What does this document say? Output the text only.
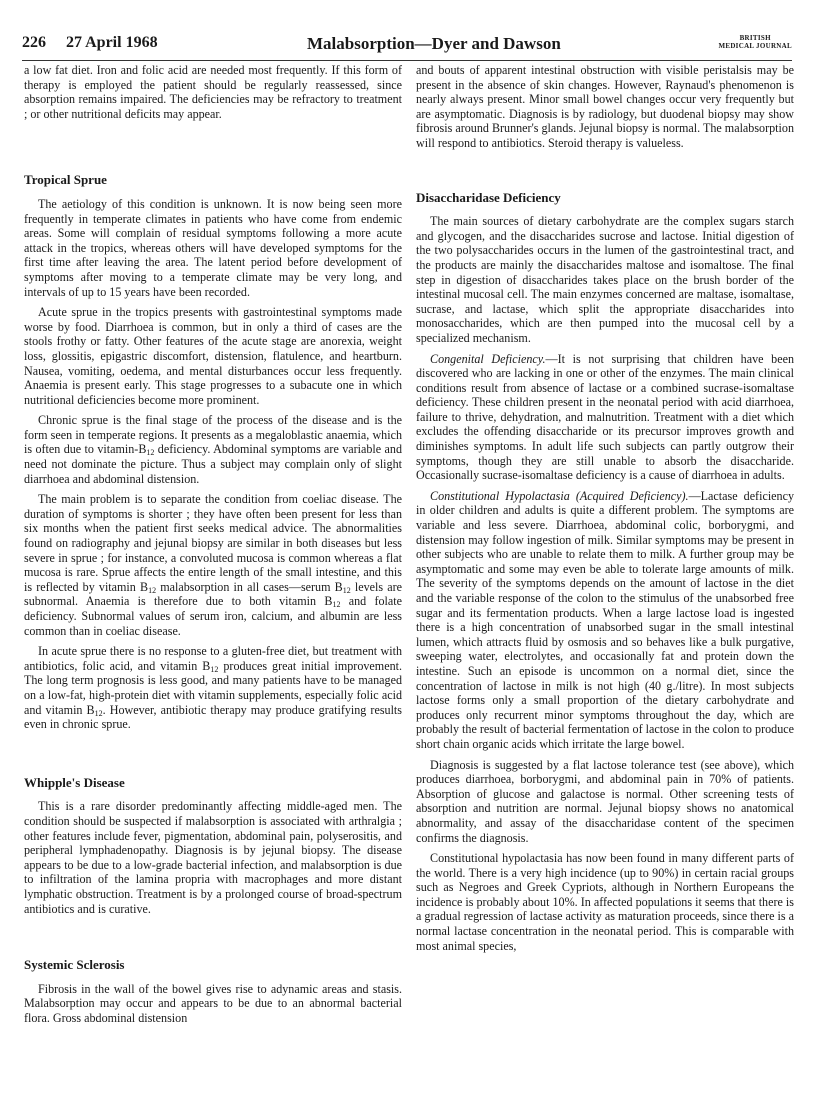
226 27 April 1968	Malabsorption—Dyer and Dawson	BRITISH
MEDICAL JOURNAL

a low fat diet. Iron and folic acid are needed most frequently. If this form of therapy is employed the patient should be regularly reassessed, since absorption remains impaired. The deficiencies may be refractory to treatment ; or other nutritional deficits may appear.

Tropical Sprue

The aetiology of this condition is unknown. It is now being seen more frequently in temperate climates in patients who have come from endemic areas. Some will complain of residual symptoms following a more acute attack in the tropics, whereas others will have developed symptoms for the first time after leaving the area. The latent period before development of symptoms after moving to a temperate climate may be very long, and intervals of up to 15 years have been recorded.

Acute sprue in the tropics presents with gastrointestinal symptoms made worse by food. Diarrhoea is common, but in only a third of cases are the stools frothy or fatty. Other features of the acute stage are anorexia, weight loss, glossitis, epigastric discomfort, distension, flatulence, and heartburn. Nausea, vomiting, oedema, and mental disturbances occur less frequently. Anaemia is present early. This stage progresses to a subacute one in which nutritional deficiencies become more prominent.

Chronic sprue is the final stage of the process of the disease and is the form seen in temperate regions. It presents as a megaloblastic anaemia, which is often due to vitamin-$B_{12}$ deficiency. Abdominal symptoms are variable and need not dominate the picture. Thus a subject may complain only of slight diarrhoea and abdominal distension.

The main problem is to separate the condition from coeliac disease. The duration of symptoms is shorter ; they have often been present for less than six months when the patient first seeks medical advice. The abnormalities found on radiography and jejunal biopsy are similar in both diseases but less severe in sprue ; for instance, a convoluted mucosa is common whereas a flat mucosa is rare. Sprue affects the entire length of the small intestine, and this is reflected by vitamin $B_{12}$ malabsorption in all cases—serum $B_{12}$ levels are subnormal. Anaemia is therefore due to both vitamin $B_{12}$ and folate deficiency. Subnormal values of serum iron, calcium, and albumin are less common than in coeliac disease.

In acute sprue there is no response to a gluten-free diet, but treatment with antibiotics, folic acid, and vitamin $B_{12}$ produces great initial improvement. The long term prognosis is less good, and many patients have to be managed on a low-fat, high-protein diet with vitamin supplements, especially folic acid and vitamin $B_{12}$. However, antibiotic therapy may produce gratifying results even in chronic sprue.

Whipple's Disease

This is a rare disorder predominantly affecting middle-aged men. The condition should be suspected if malabsorption is associated with arthralgia ; other features include fever, pigmentation, abdominal pain, polyserositis, and peripheral lymphadenopathy. Diagnosis is by jejunal biopsy. The disease appears to be due to a low-grade bacterial infection, and malabsorption is due to infiltration of the lamina propria with macrophages and more distant lymphatic obstruction. Treatment is by a prolonged course of broad-spectrum antibiotics and is curative.

Systemic Sclerosis

Fibrosis in the wall of the bowel gives rise to adynamic areas and stasis. Malabsorption may occur and appears to be due to an abnormal bacterial flora. Gross abdominal distension

and bouts of apparent intestinal obstruction with visible peristalsis may be present in the absence of skin changes. However, Raynaud's phenomenon is nearly always present. Minor small bowel changes occur very frequently but are asymptomatic. Diagnosis is by radiology, but duodenal biopsy may show fibrosis around Brunner's glands. Jejunal biopsy is normal. The malabsorption will respond to antibiotics. Steroid therapy is valueless.

Disaccharidase Deficiency

The main sources of dietary carbohydrate are the complex sugars starch and glycogen, and the disaccharides sucrose and lactose. Initial digestion of the two polysaccharides occurs in the lumen of the gastrointestinal tract, and the products are mainly the disaccharides maltose and isomaltose. The final step in digestion of disaccharides takes place on the brush border of the intestinal mucosal cell. The main enzymes concerned are maltase, isomaltase, sucrase, and lactase, which split the appropriate disaccharides into monosaccharides, which are then pumped into the mucosal cell by a specialized mechanism.

Congenital Deficiency.—It is not surprising that children have been discovered who are lacking in one or other of the enzymes. The main clinical conditions result from absence of lactase or a combined sucrase-isomaltase deficiency. These children present in the neonatal period with acid diarrhoea, failure to thrive, dehydration, and malnutrition. Treatment with a diet which excludes the offending disaccharide or its precursor improves growth and diminishes symptoms. In adult life such subjects can partly outgrow their symptoms, though they are still unable to absorb the disaccharide. Occasionally sucrase-isomaltase deficiency is a cause of diarrhoea in adults.

Constitutional Hypolactasia (Acquired Deficiency).—Lactase deficiency in older children and adults is quite a different problem. The symptoms are variable and less severe. Diarrhoea, abdominal colic, borborygmi, and distension may follow ingestion of milk. Similar symptoms may be present in other subjects who are unable to relate them to milk. A further group may be asymptomatic and some may even be able to tolerate large amounts of milk. The severity of the symptoms depends on the amount of lactose in the diet and the variable response of the colon to the stimulus of the unabsorbed free sugar and its fermentation products. When a large lactose load is ingested there is a high concentration of unabsorbed sugar in the small intestinal lumen, which attracts fluid by osmosis and so behaves like a bulk purgative, sweeping water, electrolytes, and occasionally fat and protein down the intestine. Such an episode is uncommon on a normal diet, since the concentration of lactose in milk is not high (40 g./litre). In most subjects lactose forms only a small proportion of the dietary carbohydrate and produces only recurrent minor symptoms throughout the day, which are probably the result of bacterial fermentation of lactose in the colon to produce short chain organic acids which irritate the large bowel.

Diagnosis is suggested by a flat lactose tolerance test (see above), which produces diarrhoea, borborygmi, and abdominal pain in 70% of patients. Absorption of glucose and galactose is normal. Other screening tests of absorption and nutrition are normal. Jejunal biopsy shows no anatomical abnormality, and assay of the disaccharidase content of the specimen confirms the diagnosis.

Constitutional hypolactasia has now been found in many different parts of the world. There is a very high incidence (up to 90%) in certain racial groups such as Negroes and Greek Cypriots, although in Northern Europeans the incidence is probably about 10%. In affected populations it seems that there is a gradual regression of lactase activity as maturation proceeds, since there is a normal lactase concentration in the neonatal period. This is comparable with most animal species,
